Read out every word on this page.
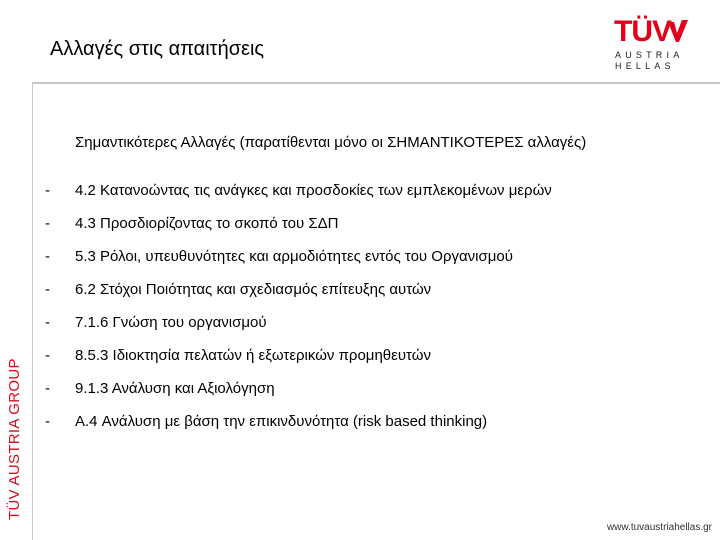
Αλλαγές στις απαιτήσεις
TÜV
AUSTRIA
HELLAS
TÜV AUSTRIA GROUP
Σημαντικότερες Αλλαγές (παρατίθενται μόνο οι ΣΗΜΑΝΤΙΚΟΤΕΡΕΣ αλλαγές)
- 4.2 Κατανοώντας τις ανάγκες και προσδοκίες των εμπλεκομένων μερών
- 4.3 Προσδιορίζοντας το σκοπό του ΣΔΠ
- 5.3 Ρόλοι, υπευθυνότητες και αρμοδιότητες εντός του Οργανισμού
- 6.2 Στόχοι Ποιότητας και σχεδιασμός επίτευξης αυτών
- 7.1.6 Γνώση του οργανισμού
- 8.5.3 Ιδιοκτησία πελατών ή εξωτερικών προμηθευτών
- 9.1.3 Ανάλυση και Αξιολόγηση
- A.4 Ανάλυση με βάση την επικινδυνότητα (risk based thinking)
www.tuvaustriahellas.gr
